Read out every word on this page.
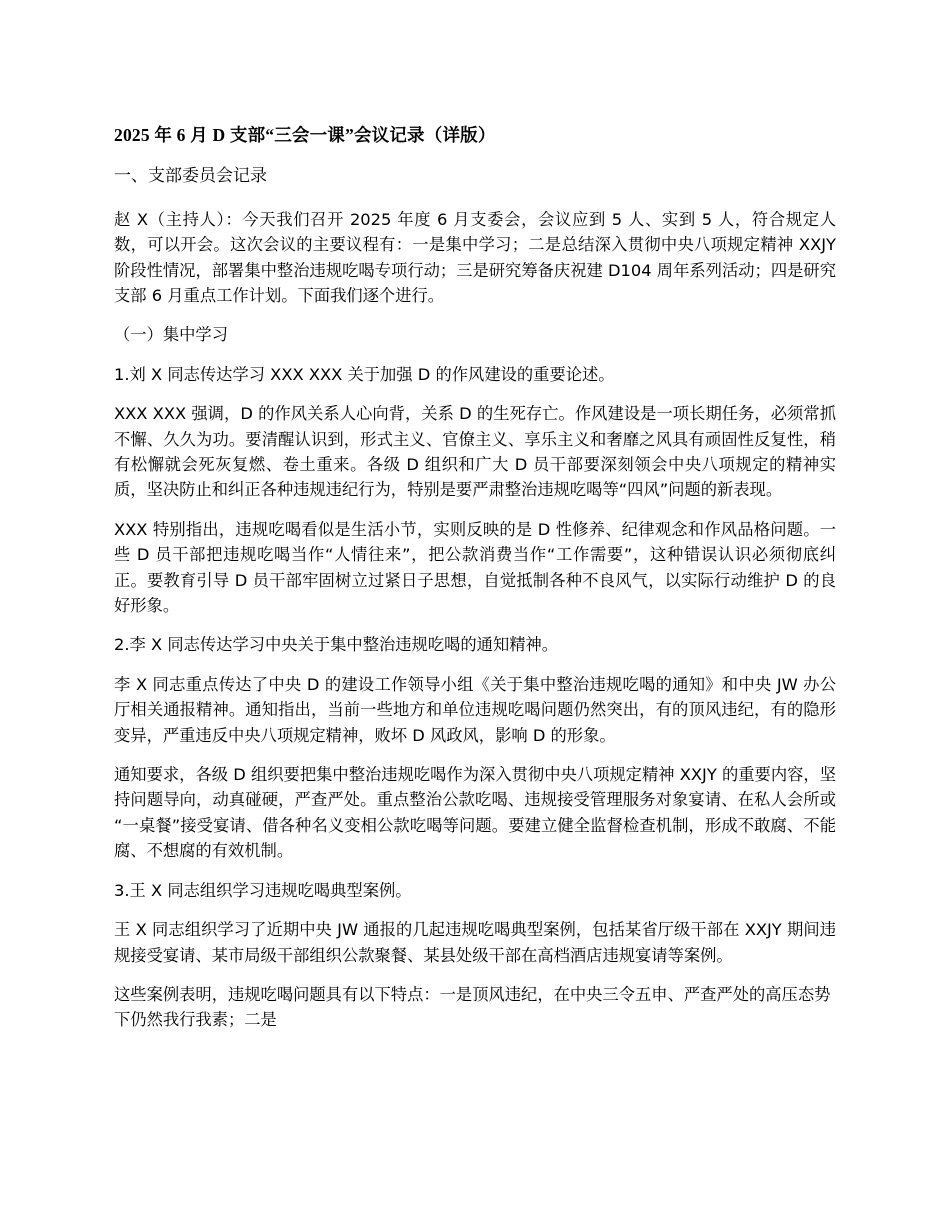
2025 年 6 月 D 支部“三会一课”会议记录（详版）
一、支部委员会记录

赵 X（主持人）：今天我们召开 2025 年度 6 月支委会，会议应到 5 人、实到 5 人，符合规定人数，可以开会。这次会议的主要议程有：一是集中学习；二是总结深入贯彻中央八项规定精神 XXJY 阶段性情况，部署集中整治违规吃喝专项行动；三是研究筹备庆祝建 D104 周年系列活动；四是研究支部 6 月重点工作计划。下面我们逐个进行。

（一）集中学习

1.刘 X 同志传达学习 XXX XXX 关于加强 D 的作风建设的重要论述。

XXX XXX 强调，D 的作风关系人心向背，关系 D 的生死存亡。作风建设是一项长期任务，必须常抓不懈、久久为功。要清醒认识到，形式主义、官僚主义、享乐主义和奢靡之风具有顽固性反复性，稍有松懈就会死灰复燃、卷土重来。各级 D 组织和广大 D 员干部要深刻领会中央八项规定的精神实质，坚决防止和纠正各种违规违纪行为，特别是要严肃整治违规吃喝等“四风”问题的新表现。

XXX 特别指出，违规吃喝看似是生活小节，实则反映的是 D 性修养、纪律观念和作风品格问题。一些 D 员干部把违规吃喝当作“人情往来”，把公款消费当作“工作需要”，这种错误认识必须彻底纠正。要教育引导 D 员干部牢固树立过紧日子思想，自觉抵制各种不良风气，以实际行动维护 D 的良好形象。

2.李 X 同志传达学习中央关于集中整治违规吃喝的通知精神。

李 X 同志重点传达了中央 D 的建设工作领导小组《关于集中整治违规吃喝的通知》和中央 JW 办公厅相关通报精神。通知指出，当前一些地方和单位违规吃喝问题仍然突出，有的顶风违纪，有的隐形变异，严重违反中央八项规定精神，败坏 D 风政风，影响 D 的形象。

通知要求，各级 D 组织要把集中整治违规吃喝作为深入贯彻中央八项规定精神 XXJY 的重要内容，坚持问题导向，动真碰硬，严查严处。重点整治公款吃喝、违规接受管理服务对象宴请、在私人会所或“一桌餐”接受宴请、借各种名义变相公款吃喝等问题。要建立健全监督检查机制，形成不敢腐、不能腐、不想腐的有效机制。

3.王 X 同志组织学习违规吃喝典型案例。

王 X 同志组织学习了近期中央 JW 通报的几起违规吃喝典型案例，包括某省厅级干部在 XXJY 期间违规接受宴请、某市局级干部组织公款聚餐、某县处级干部在高档酒店违规宴请等案例。

这些案例表明，违规吃喝问题具有以下特点：一是顶风违纪，在中央三令五申、严查严处的高压态势下仍然我行我素；二是
